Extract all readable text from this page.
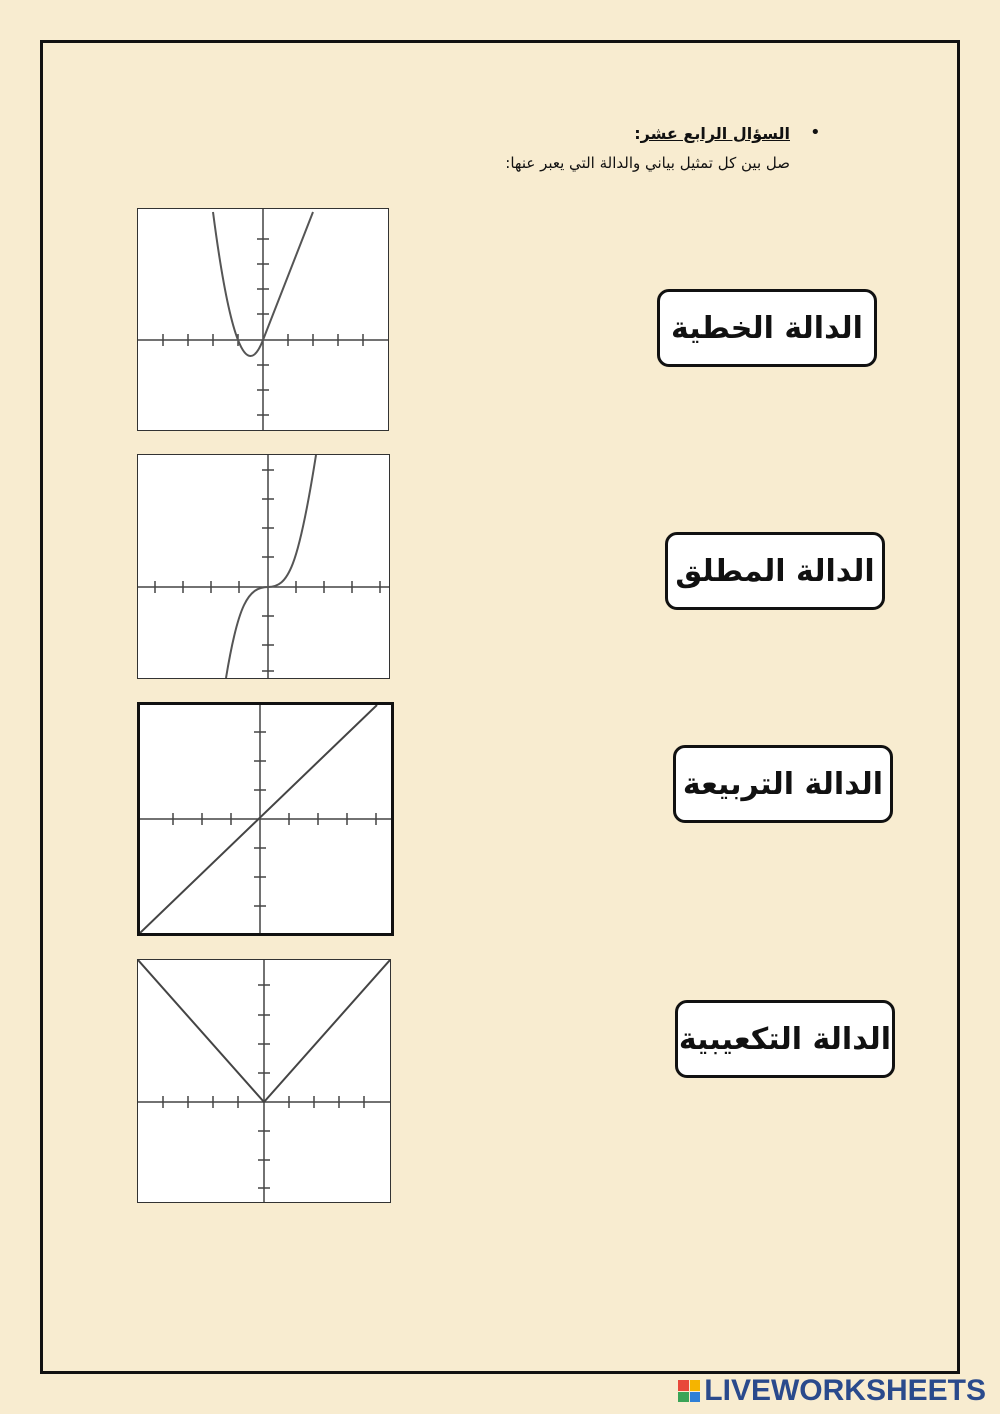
•
السؤال الرابع عشر:
صل بين كل تمثيل بياني والدالة التي يعبر عنها:
الدالة الخطية
الدالة المطلق
الدالة التربيعة
الدالة التكعيبية
LIVEWORKSHEETS
